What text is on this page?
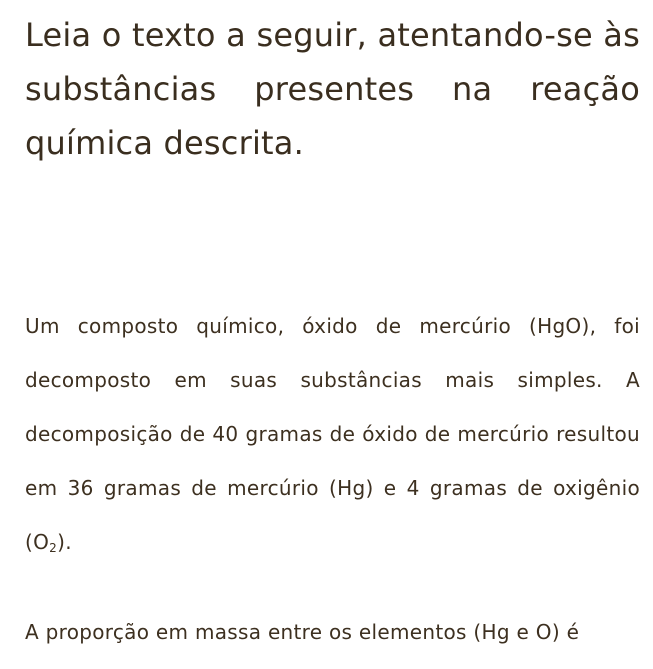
Leia o texto a seguir, atentando-se às substâncias presentes na reação química descrita.

Um composto químico, óxido de mercúrio (HgO), foi decomposto em suas substâncias mais simples. A decomposição de 40 gramas de óxido de mercúrio resultou em 36 gramas de mercúrio (Hg) e 4 gramas de oxigênio $(O_2)$.

A proporção em massa entre os elementos (Hg e O) é
